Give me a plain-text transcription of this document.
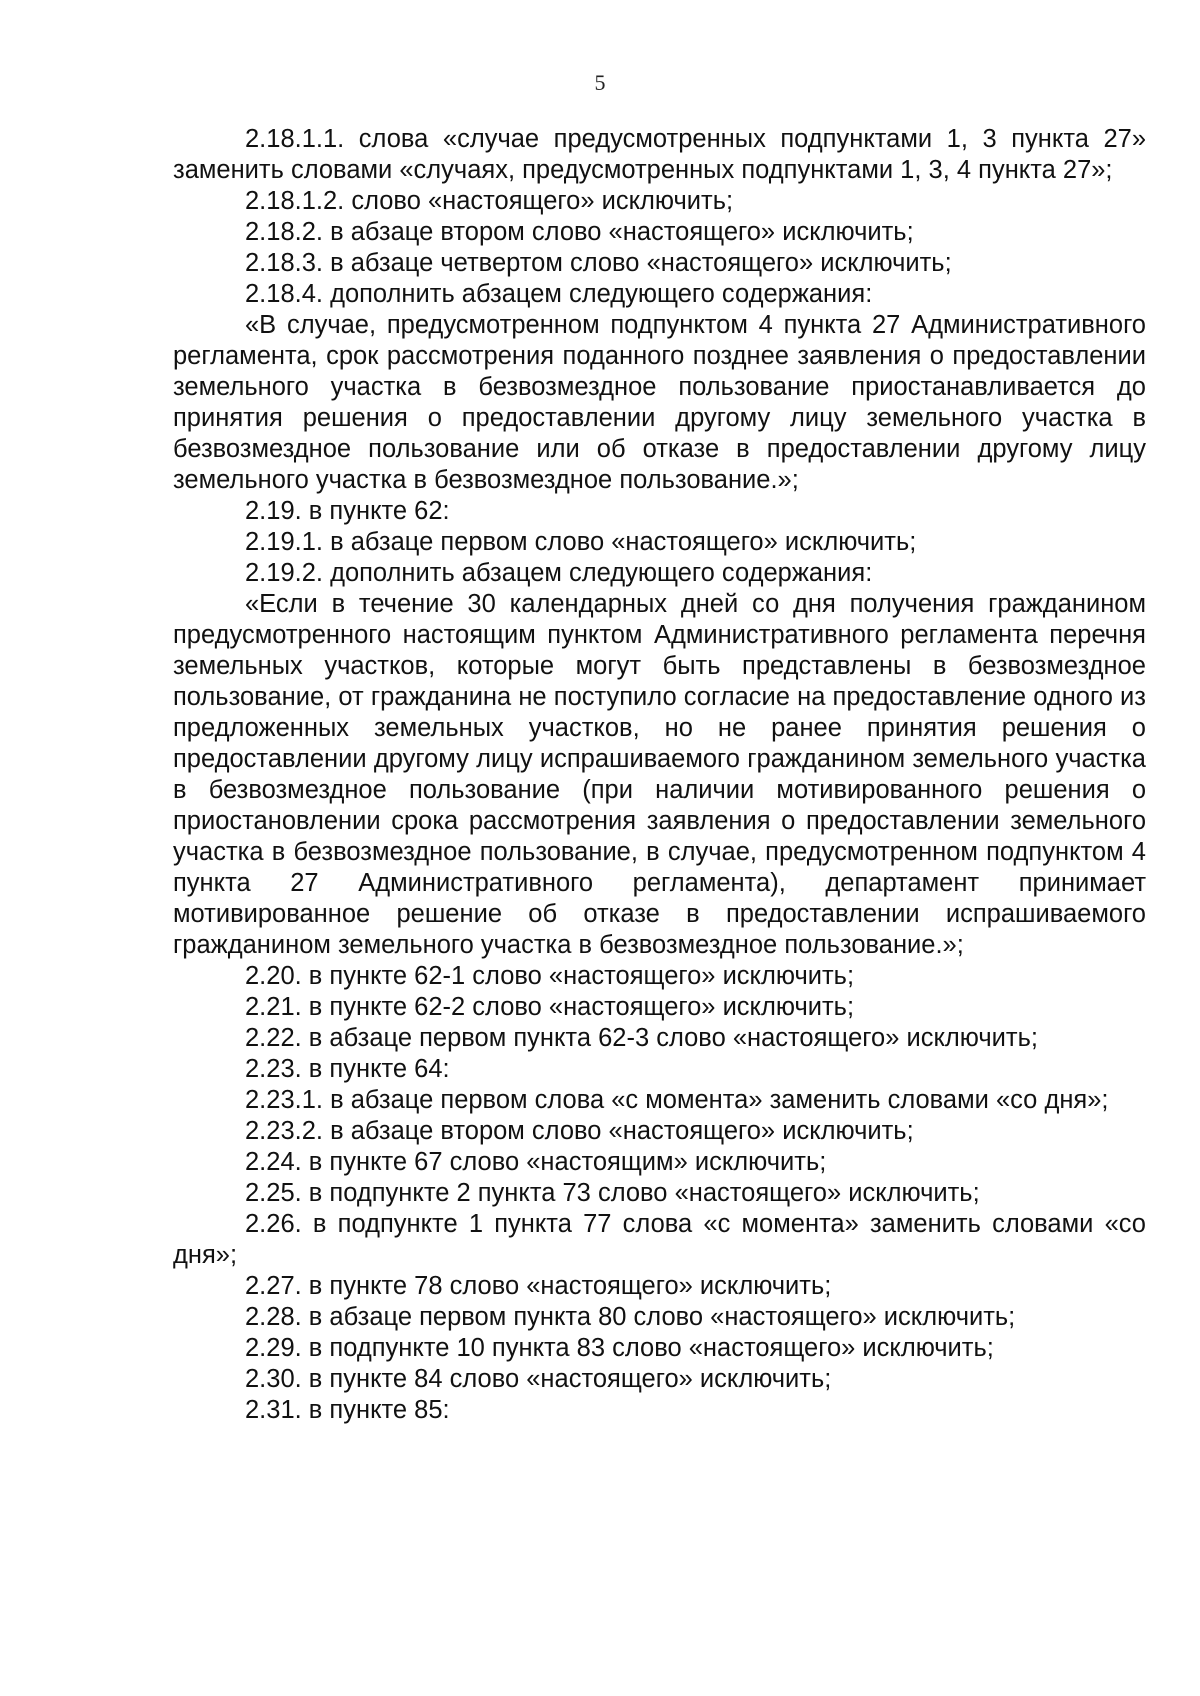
5

2.18.1.1. слова «случае предусмотренных подпунктами 1, 3 пункта 27» заменить словами «случаях, предусмотренных подпунктами 1, 3, 4 пункта 27»;

2.18.1.2. слово «настоящего» исключить;

2.18.2. в абзаце втором слово «настоящего» исключить;

2.18.3. в абзаце четвертом слово «настоящего» исключить;

2.18.4. дополнить абзацем следующего содержания:

«В случае, предусмотренном подпунктом 4 пункта 27 Административного регламента, срок рассмотрения поданного позднее заявления о предоставлении земельного участка в безвозмездное пользование приостанавливается до принятия решения о предоставлении другому лицу земельного участка в безвозмездное пользование или об отказе в предоставлении другому лицу земельного участка в безвозмездное пользование.»;

2.19. в пункте 62:

2.19.1. в абзаце первом слово «настоящего» исключить;

2.19.2. дополнить абзацем следующего содержания:

«Если в течение 30 календарных дней со дня получения гражданином предусмотренного настоящим пунктом Административного регламента перечня земельных участков, которые могут быть представлены в безвозмездное пользование, от гражданина не поступило согласие на предоставление одного из предложенных земельных участков, но не ранее принятия решения о предоставлении другому лицу испрашиваемого гражданином земельного участка в безвозмездное пользование (при наличии мотивированного решения о приостановлении срока рассмотрения заявления о предоставлении земельного участка в безвозмездное пользование, в случае, предусмотренном подпунктом 4 пункта 27 Административного регламента), департамент принимает мотивированное решение об отказе в предоставлении испрашиваемого гражданином земельного участка в безвозмездное пользование.»;

2.20. в пункте 62-1 слово «настоящего» исключить;

2.21. в пункте 62-2 слово «настоящего» исключить;

2.22. в абзаце первом пункта 62-3 слово «настоящего» исключить;

2.23. в пункте 64:

2.23.1. в абзаце первом слова «с момента» заменить словами «со дня»;

2.23.2. в абзаце втором слово «настоящего» исключить;

2.24. в пункте 67 слово «настоящим» исключить;

2.25. в подпункте 2 пункта 73 слово «настоящего» исключить;

2.26. в подпункте 1 пункта 77 слова «с момента» заменить словами «со дня»;

2.27. в пункте 78 слово «настоящего» исключить;

2.28. в абзаце первом пункта 80 слово «настоящего» исключить;

2.29. в подпункте 10 пункта 83 слово «настоящего» исключить;

2.30. в пункте 84 слово «настоящего» исключить;

2.31. в пункте 85:
